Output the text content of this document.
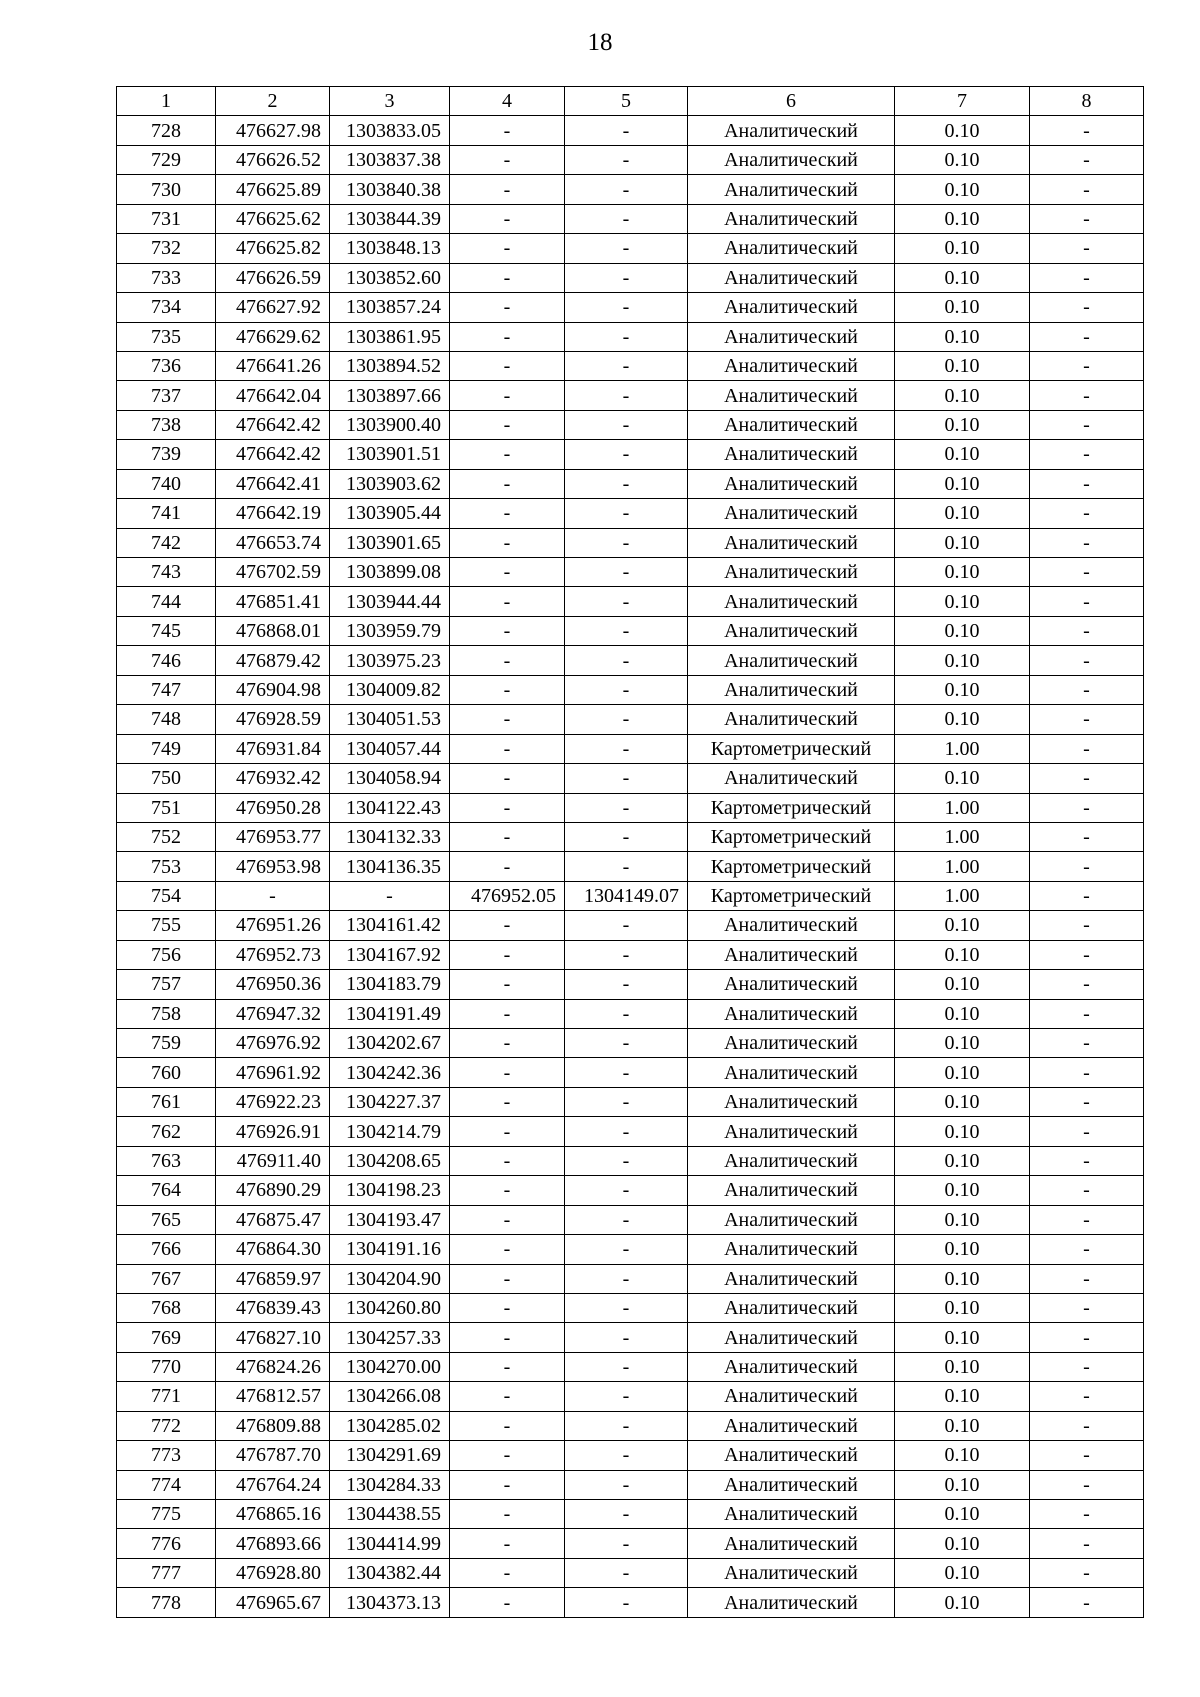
18
1	2	3	4	5	6	7	8
728	476627.98	1303833.05	-	-	Аналитический	0.10	-
729	476626.52	1303837.38	-	-	Аналитический	0.10	-
730	476625.89	1303840.38	-	-	Аналитический	0.10	-
731	476625.62	1303844.39	-	-	Аналитический	0.10	-
732	476625.82	1303848.13	-	-	Аналитический	0.10	-
733	476626.59	1303852.60	-	-	Аналитический	0.10	-
734	476627.92	1303857.24	-	-	Аналитический	0.10	-
735	476629.62	1303861.95	-	-	Аналитический	0.10	-
736	476641.26	1303894.52	-	-	Аналитический	0.10	-
737	476642.04	1303897.66	-	-	Аналитический	0.10	-
738	476642.42	1303900.40	-	-	Аналитический	0.10	-
739	476642.42	1303901.51	-	-	Аналитический	0.10	-
740	476642.41	1303903.62	-	-	Аналитический	0.10	-
741	476642.19	1303905.44	-	-	Аналитический	0.10	-
742	476653.74	1303901.65	-	-	Аналитический	0.10	-
743	476702.59	1303899.08	-	-	Аналитический	0.10	-
744	476851.41	1303944.44	-	-	Аналитический	0.10	-
745	476868.01	1303959.79	-	-	Аналитический	0.10	-
746	476879.42	1303975.23	-	-	Аналитический	0.10	-
747	476904.98	1304009.82	-	-	Аналитический	0.10	-
748	476928.59	1304051.53	-	-	Аналитический	0.10	-
749	476931.84	1304057.44	-	-	Картометрический	1.00	-
750	476932.42	1304058.94	-	-	Аналитический	0.10	-
751	476950.28	1304122.43	-	-	Картометрический	1.00	-
752	476953.77	1304132.33	-	-	Картометрический	1.00	-
753	476953.98	1304136.35	-	-	Картометрический	1.00	-
754	-	-	476952.05	1304149.07	Картометрический	1.00	-
755	476951.26	1304161.42	-	-	Аналитический	0.10	-
756	476952.73	1304167.92	-	-	Аналитический	0.10	-
757	476950.36	1304183.79	-	-	Аналитический	0.10	-
758	476947.32	1304191.49	-	-	Аналитический	0.10	-
759	476976.92	1304202.67	-	-	Аналитический	0.10	-
760	476961.92	1304242.36	-	-	Аналитический	0.10	-
761	476922.23	1304227.37	-	-	Аналитический	0.10	-
762	476926.91	1304214.79	-	-	Аналитический	0.10	-
763	476911.40	1304208.65	-	-	Аналитический	0.10	-
764	476890.29	1304198.23	-	-	Аналитический	0.10	-
765	476875.47	1304193.47	-	-	Аналитический	0.10	-
766	476864.30	1304191.16	-	-	Аналитический	0.10	-
767	476859.97	1304204.90	-	-	Аналитический	0.10	-
768	476839.43	1304260.80	-	-	Аналитический	0.10	-
769	476827.10	1304257.33	-	-	Аналитический	0.10	-
770	476824.26	1304270.00	-	-	Аналитический	0.10	-
771	476812.57	1304266.08	-	-	Аналитический	0.10	-
772	476809.88	1304285.02	-	-	Аналитический	0.10	-
773	476787.70	1304291.69	-	-	Аналитический	0.10	-
774	476764.24	1304284.33	-	-	Аналитический	0.10	-
775	476865.16	1304438.55	-	-	Аналитический	0.10	-
776	476893.66	1304414.99	-	-	Аналитический	0.10	-
777	476928.80	1304382.44	-	-	Аналитический	0.10	-
778	476965.67	1304373.13	-	-	Аналитический	0.10	-
